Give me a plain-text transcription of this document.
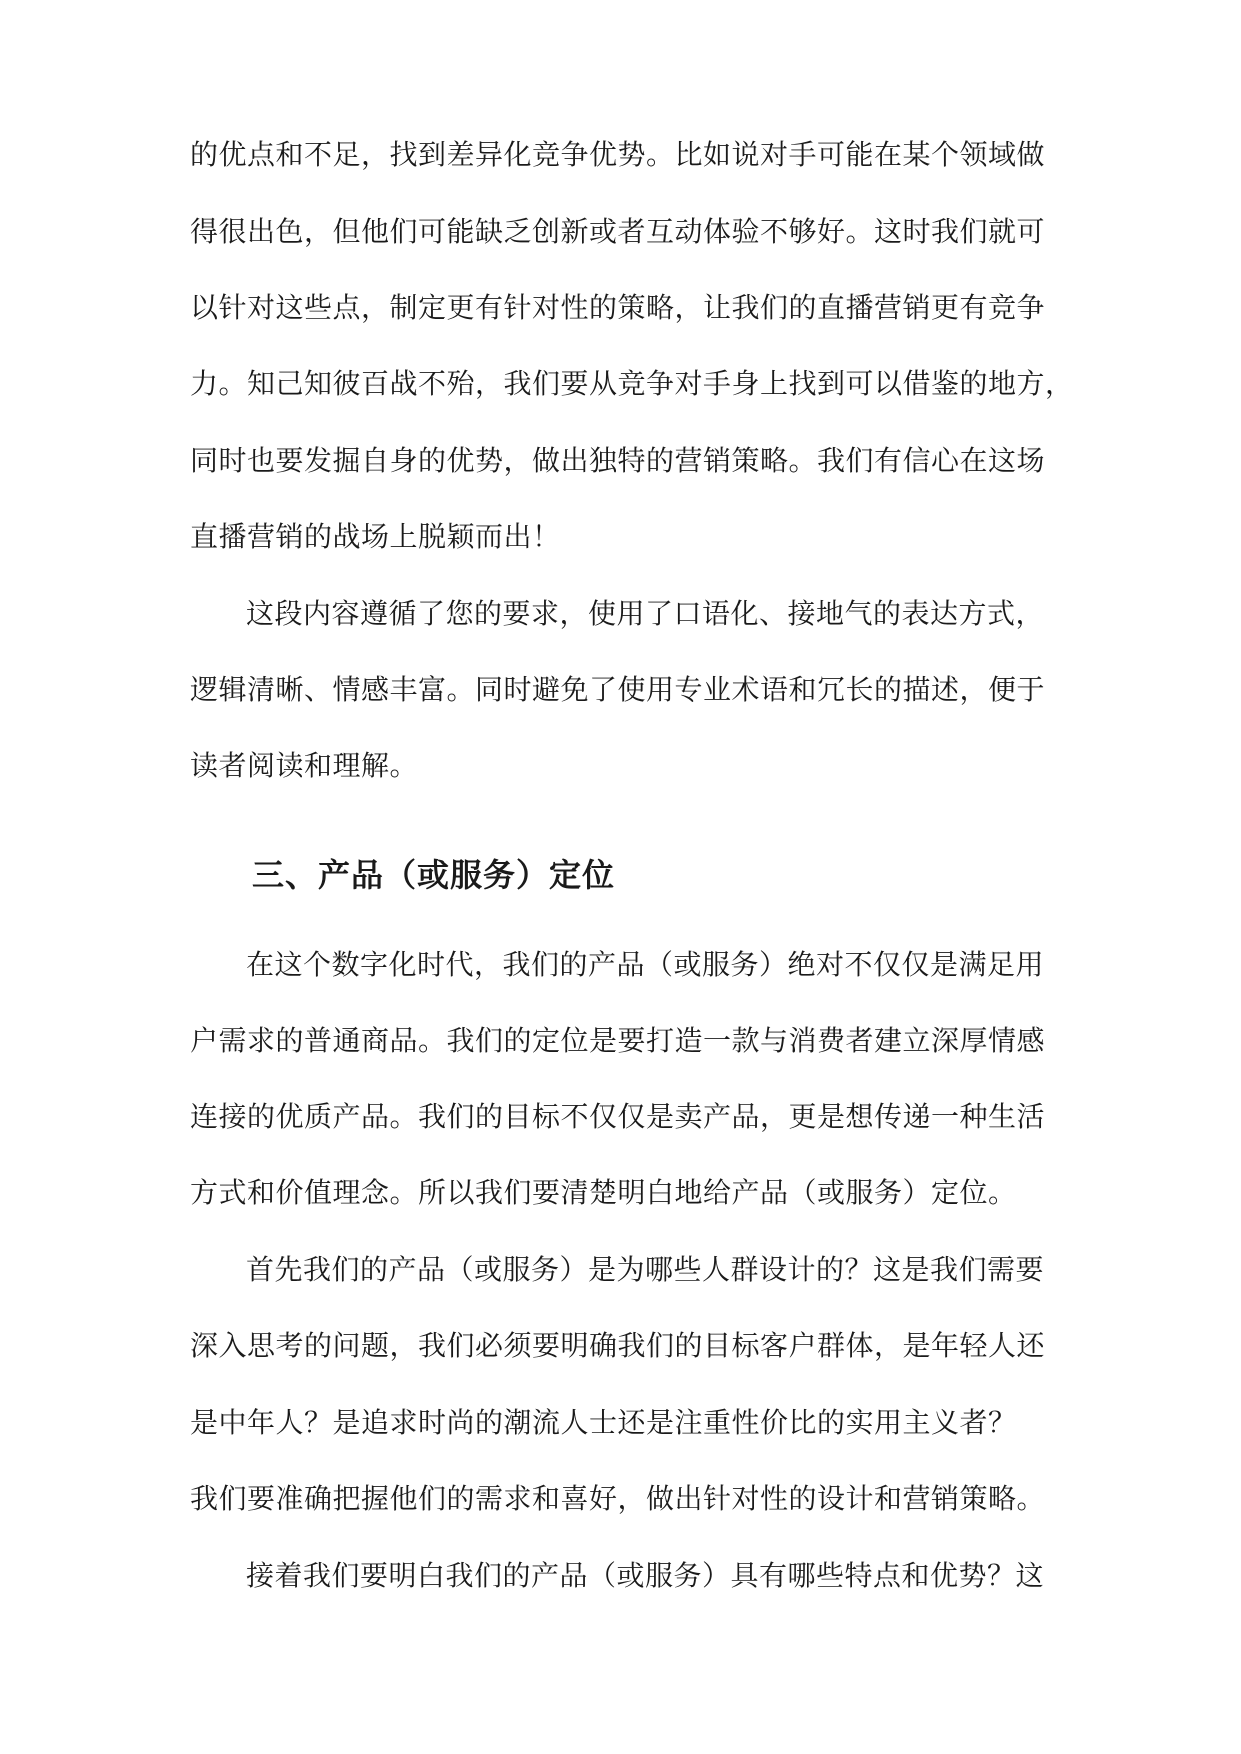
的优点和不足，找到差异化竞争优势。比如说对手可能在某个领域做
得很出色，但他们可能缺乏创新或者互动体验不够好。这时我们就可
以针对这些点，制定更有针对性的策略，让我们的直播营销更有竞争
力。知己知彼百战不殆，我们要从竞争对手身上找到可以借鉴的地方，
同时也要发掘自身的优势，做出独特的营销策略。我们有信心在这场
直播营销的战场上脱颖而出！
这段内容遵循了您的要求，使用了口语化、接地气的表达方式，
逻辑清晰、情感丰富。同时避免了使用专业术语和冗长的描述，便于
读者阅读和理解。
三、产品（或服务）定位
在这个数字化时代，我们的产品（或服务）绝对不仅仅是满足用
户需求的普通商品。我们的定位是要打造一款与消费者建立深厚情感
连接的优质产品。我们的目标不仅仅是卖产品，更是想传递一种生活
方式和价值理念。所以我们要清楚明白地给产品（或服务）定位。
首先我们的产品（或服务）是为哪些人群设计的？这是我们需要
深入思考的问题，我们必须要明确我们的目标客户群体，是年轻人还
是中年人？是追求时尚的潮流人士还是注重性价比的实用主义者？
我们要准确把握他们的需求和喜好，做出针对性的设计和营销策略。
接着我们要明白我们的产品（或服务）具有哪些特点和优势？这
